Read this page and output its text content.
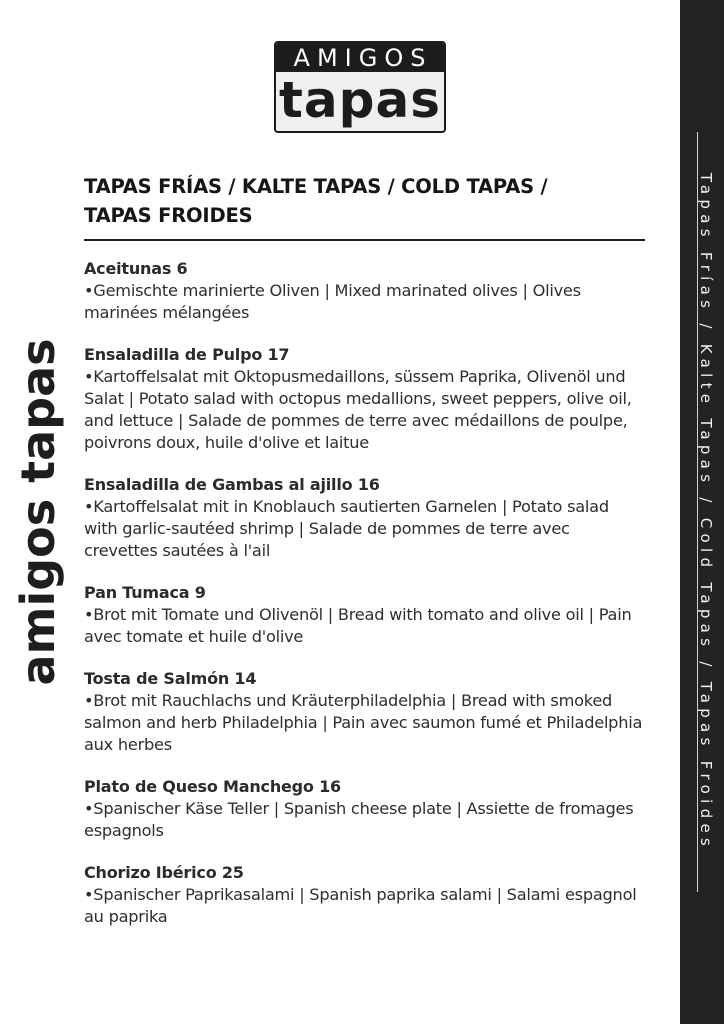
AMIGOS
tapas
amigos tapas
TAPAS FRÍAS / KALTE TAPAS / COLD TAPAS /
TAPAS FROIDES
Aceitunas 6
•Gemischte marinierte Oliven | Mixed marinated olives | Olives marinées mélangées
Ensaladilla de Pulpo 17
•Kartoffelsalat mit Oktopusmedaillons, süssem Paprika, Olivenöl und Salat | Potato salad with octopus medallions, sweet peppers, olive oil, and lettuce | Salade de pommes de terre avec médaillons de poulpe, poivrons doux, huile d'olive et laitue
Ensaladilla de Gambas al ajillo 16
•Kartoffelsalat mit in Knoblauch sautierten Garnelen | Potato salad with garlic-sautéed shrimp | Salade de pommes de terre avec crevettes sautées à l'ail
Pan Tumaca 9
•Brot mit Tomate und Olivenöl | Bread with tomato and olive oil | Pain avec tomate et huile d'olive
Tosta de Salmón 14
•Brot mit Rauchlachs und Kräuterphiladelphia | Bread with smoked salmon and herb Philadelphia | Pain avec saumon fumé et Philadelphia aux herbes
Plato de Queso Manchego 16
•Spanischer Käse Teller | Spanish cheese plate | Assiette de fromages espagnols
Chorizo Ibérico 25
•Spanischer Paprikasalami | Spanish paprika salami | Salami espagnol au paprika
Tapas Frías / Kalte Tapas / Cold Tapas / Tapas Froides
